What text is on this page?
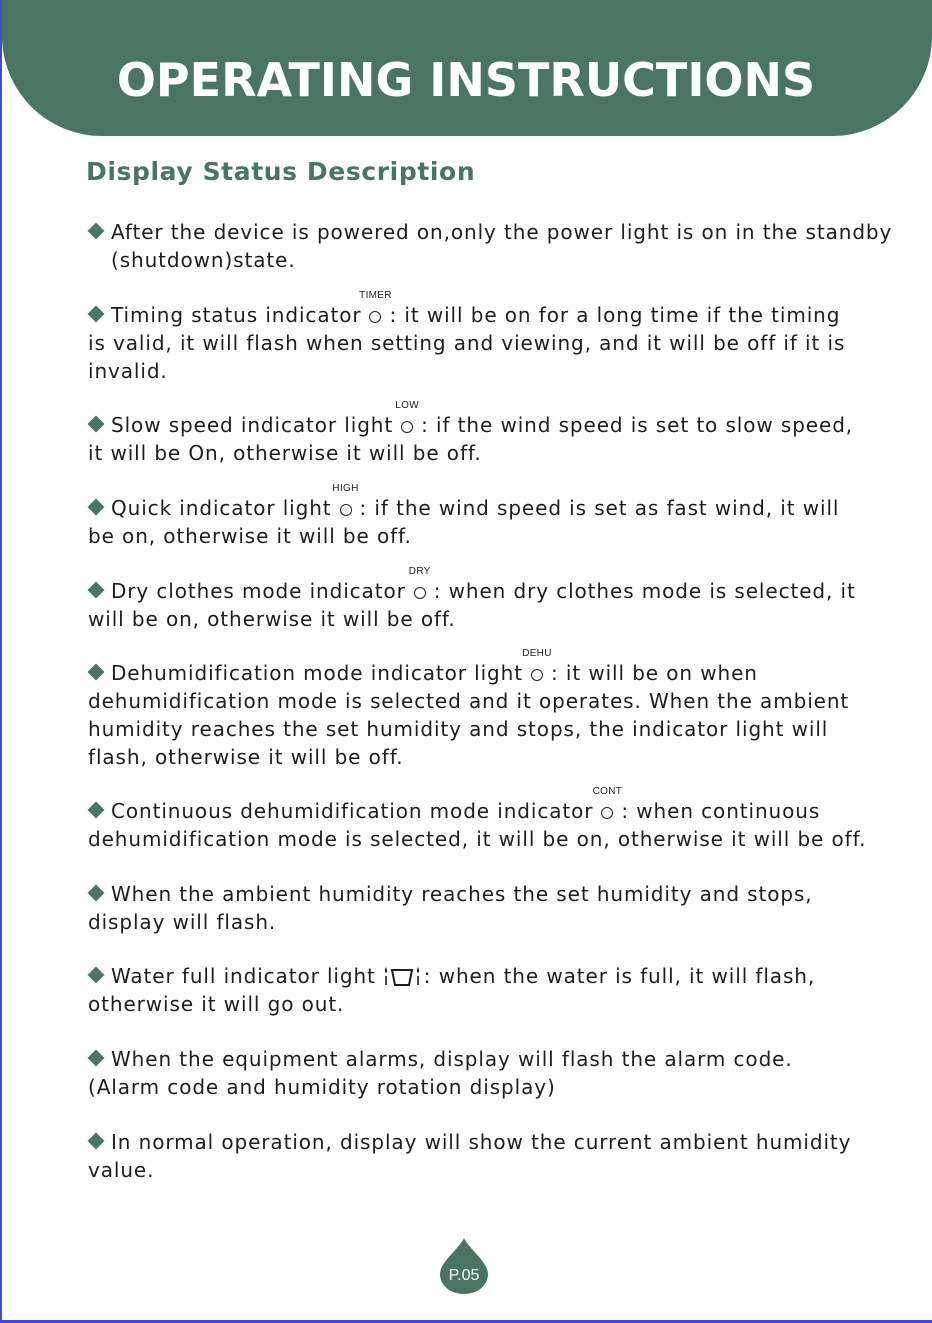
OPERATING INSTRUCTIONS
Display Status Description
After the device is powered on,only the power light is on in the standby
(shutdown)state.
Timing status indicator
TIMER
: it will be on for a long time if the timing
is valid, it will flash when setting and viewing, and it will be off if it is
invalid.
Slow speed indicator light
LOW
: if the wind speed is set to slow speed,
it will be On, otherwise it will be off.
Quick indicator light
HIGH
: if the wind speed is set as fast wind, it will
be on, otherwise it will be off.
Dry clothes mode indicator
DRY
: when dry clothes mode is selected, it
will be on, otherwise it will be off.
Dehumidification mode indicator light
DEHU
: it will be on when
dehumidification mode is selected and it operates. When the ambient
humidity reaches the set humidity and stops, the indicator light will
flash, otherwise it will be off.
Continuous dehumidification mode indicator
CONT
: when continuous
dehumidification mode is selected, it will be on, otherwise it will be off.
When the ambient humidity reaches the set humidity and stops,
display will flash.
Water full indicator light : when the water is full, it will flash,
otherwise it will go out.
When the equipment alarms, display will flash the alarm code.
(Alarm code and humidity rotation display)
In normal operation, display will show the current ambient humidity
value.
P.05
